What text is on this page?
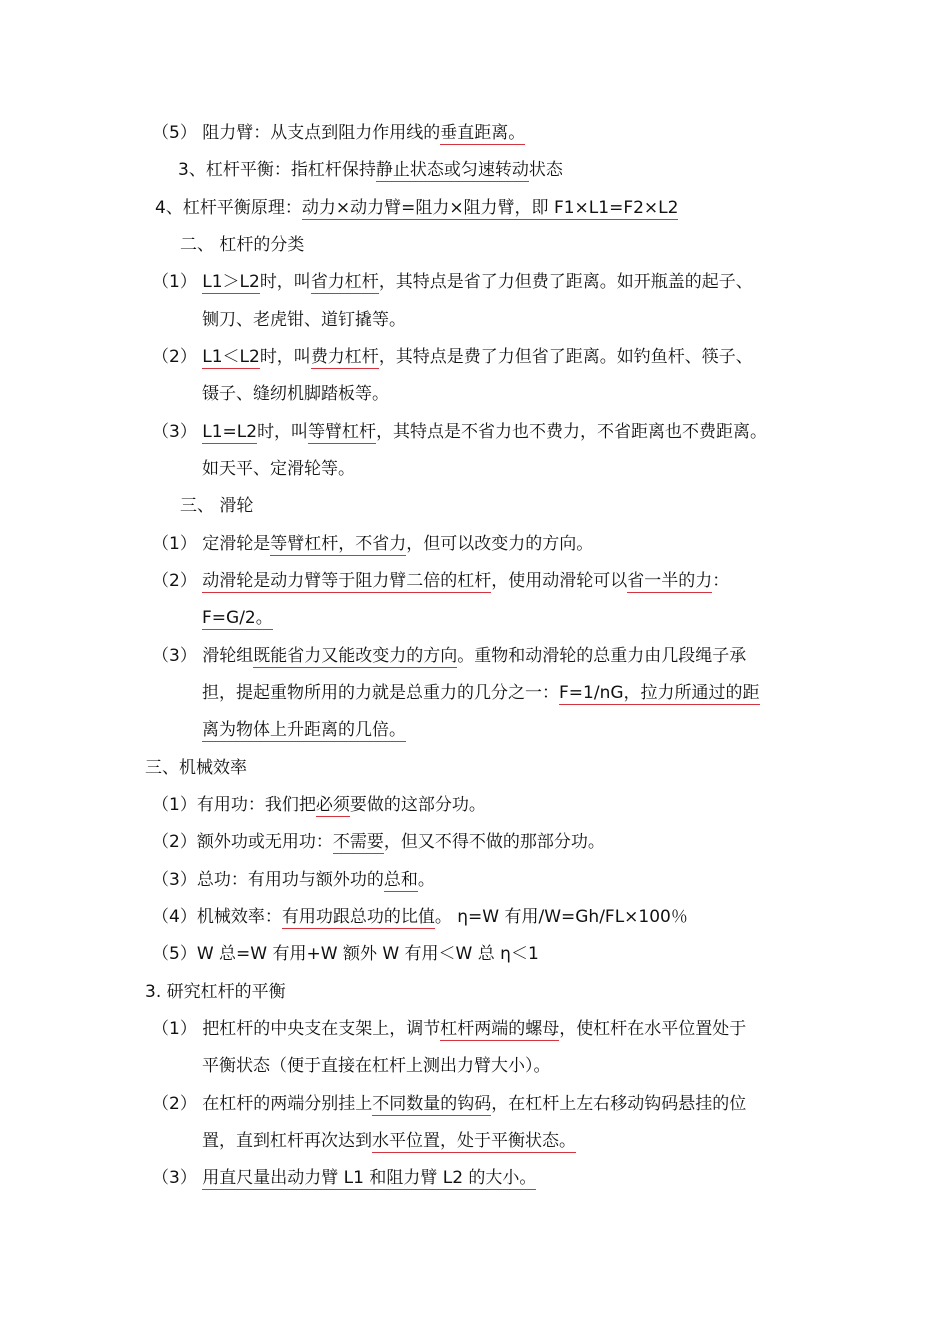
（5） 阻力臂：从支点到阻力作用线的垂直距离。
3、杠杆平衡：指杠杆保持静止状态或匀速转动状态
4、杠杆平衡原理：动力×动力臂=阻力×阻力臂，即 F1×L1=F2×L2
二、 杠杆的分类
（1） L1＞L2时，叫省力杠杆，其特点是省了力但费了距离。如开瓶盖的起子、
铡刀、老虎钳、道钉撬等。
（2） L1＜L2时，叫费力杠杆，其特点是费了力但省了距离。如钓鱼杆、筷子、
镊子、缝纫机脚踏板等。
（3） L1=L2时，叫等臂杠杆，其特点是不省力也不费力，不省距离也不费距离。
如天平、定滑轮等。
三、 滑轮
（1） 定滑轮是等臂杠杆，不省力，但可以改变力的方向。
（2） 动滑轮是动力臂等于阻力臂二倍的杠杆，使用动滑轮可以省一半的力：
F=G/2。
（3） 滑轮组既能省力又能改变力的方向。重物和动滑轮的总重力由几段绳子承
担，提起重物所用的力就是总重力的几分之一：F=1/nG，拉力所通过的距
离为物体上升距离的几倍。
三、机械效率
（1）有用功：我们把必须要做的这部分功。
（2）额外功或无用功：不需要，但又不得不做的那部分功。
（3）总功：有用功与额外功的总和。
（4）机械效率：有用功跟总功的比值。 η=W 有用/W=Gh/FL×100％
（5）W 总=W 有用+W 额外 W 有用＜W 总 η＜1
3. 研究杠杆的平衡
（1） 把杠杆的中央支在支架上，调节杠杆两端的螺母，使杠杆在水平位置处于
平衡状态（便于直接在杠杆上测出力臂大小）。
（2） 在杠杆的两端分别挂上不同数量的钩码，在杠杆上左右移动钩码悬挂的位
置，直到杠杆再次达到水平位置，处于平衡状态。
（3） 用直尺量出动力臂 L1 和阻力臂 L2 的大小。
